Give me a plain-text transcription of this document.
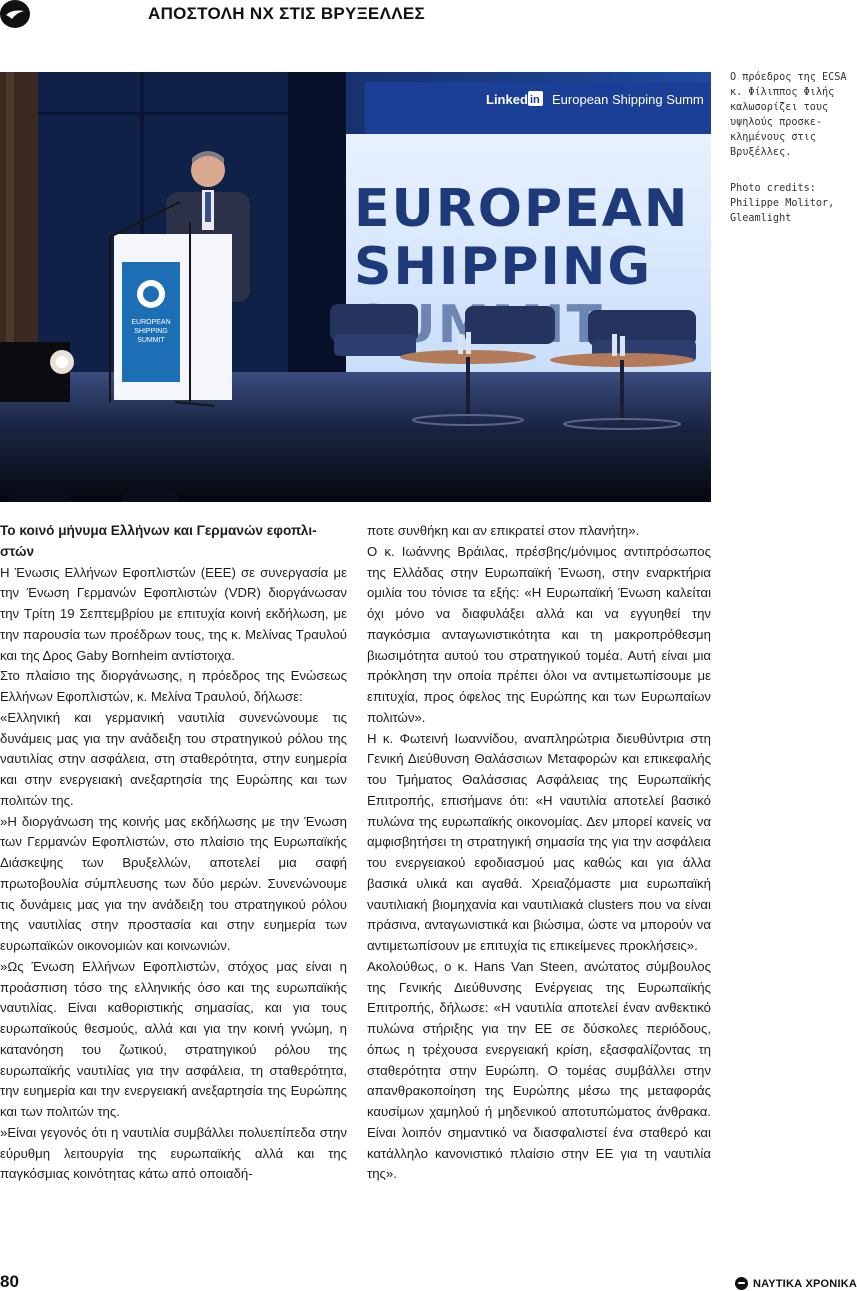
ΑΠΟΣΤΟΛΗ ΝΧ ΣΤΙΣ ΒΡΥΞΕΛΛΕΣ
Linked in European Shipping Summ
EUROPEAN
SHIPPING
EUROPEAN
SHIPPING
SUMMIT

Ο πρόεδρος της ECSA
κ. Φίλιππος Φιλής
καλωσορίζει τους
υψηλούς προσκε-
κλημένους στις
Βρυξέλλες.

Photo credits:
Philippe Molitor,
Gleamlight

Το κοινό μήνυμα Ελλήνων και Γερμανών εφοπλι-στών

Η Ένωσις Ελλήνων Εφοπλιστών (ΕΕΕ) σε συνεργασία με την Ένωση Γερμανών Εφοπλιστών (VDR) διοργάνωσαν την Τρίτη 19 Σεπτεμβρίου με επιτυχία κοινή εκδήλωση, με την παρουσία των προέδρων τους, της κ. Μελίνας Τραυλού και της Δρος Gaby Bornheim αντίστοιχα.

Στο πλαίσιο της διοργάνωσης, η πρόεδρος της Ενώσεως Ελλήνων Εφοπλιστών, κ. Μελίνα Τραυλού, δήλωσε:

«Ελληνική και γερμανική ναυτιλία συνενώνουμε τις δυνάμεις μας για την ανάδειξη του στρατηγικού ρόλου της ναυτιλίας στην ασφάλεια, στη σταθερότητα, στην ευημερία και στην ενεργειακή ανεξαρτησία της Ευρώπης και των πολιτών της.

»Η διοργάνωση της κοινής μας εκδήλωσης με την Ένωση των Γερμανών Εφοπλιστών, στο πλαίσιο της Ευρωπαϊκής Διάσκεψης των Βρυξελλών, αποτελεί μια σαφή πρωτοβουλία σύμπλευσης των δύο μερών. Συνενώνουμε τις δυνάμεις μας για την ανάδειξη του στρατηγικού ρόλου της ναυτιλίας στην προστασία και στην ευημερία των ευρωπαϊκών οικονομιών και κοινωνιών.

»Ως Ένωση Ελλήνων Εφοπλιστών, στόχος μας είναι η προάσπιση τόσο της ελληνικής όσο και της ευρωπαϊκής ναυτιλίας. Είναι καθοριστικής σημασίας, και για τους ευρωπαϊκούς θεσμούς, αλλά και για την κοινή γνώμη, η κατανόηση του ζωτικού, στρατηγικού ρόλου της ευρωπαϊκής ναυτιλίας για την ασφάλεια, τη σταθερότητα, την ευημερία και την ενεργειακή ανεξαρτησία της Ευρώπης και των πολιτών της.

»Είναι γεγονός ότι η ναυτιλία συμβάλλει πολυεπίπεδα στην εύρυθμη λειτουργία της ευρωπαϊκής αλλά και της παγκόσμιας κοινότητας κάτω από οποιαδή-

ποτε συνθήκη και αν επικρατεί στον πλανήτη».

Ο κ. Ιωάννης Βράιλας, πρέσβης/μόνιμος αντιπρόσωπος της Ελλάδας στην Ευρωπαϊκή Ένωση, στην εναρκτήρια ομιλία του τόνισε τα εξής: «Η Ευρωπαϊκή Ένωση καλείται όχι μόνο να διαφυλάξει αλλά και να εγγυηθεί την παγκόσμια ανταγωνιστικότητα και τη μακροπρόθεσμη βιωσιμότητα αυτού του στρατηγικού τομέα. Αυτή είναι μια πρόκληση την οποία πρέπει όλοι να αντιμετωπίσουμε με επιτυχία, προς όφελος της Ευρώπης και των Ευρωπαίων πολιτών».

Η κ. Φωτεινή Ιωαννίδου, αναπληρώτρια διευθύντρια στη Γενική Διεύθυνση Θαλάσσιων Μεταφορών και επικεφαλής του Τμήματος Θαλάσσιας Ασφάλειας της Ευρωπαϊκής Επιτροπής, επισήμανε ότι: «Η ναυτιλία αποτελεί βασικό πυλώνα της ευρωπαϊκής οικονομίας. Δεν μπορεί κανείς να αμφισβητήσει τη στρατηγική σημασία της για την ασφάλεια του ενεργειακού εφοδιασμού μας καθώς και για άλλα βασικά υλικά και αγαθά. Χρειαζόμαστε μια ευρωπαϊκή ναυτιλιακή βιομηχανία και ναυτιλιακά clusters που να είναι πράσινα, ανταγωνιστικά και βιώσιμα, ώστε να μπορούν να αντιμετωπίσουν με επιτυχία τις επικείμενες προκλήσεις».

Ακολούθως, ο κ. Hans Van Steen, ανώτατος σύμβουλος της Γενικής Διεύθυνσης Ενέργειας της Ευρωπαϊκής Επιτροπής, δήλωσε: «Η ναυτιλία αποτελεί έναν ανθεκτικό πυλώνα στήριξης για την ΕΕ σε δύσκολες περιόδους, όπως η τρέχουσα ενεργειακή κρίση, εξασφαλίζοντας τη σταθερότητα στην Ευρώπη. Ο τομέας συμβάλλει στην απανθρακοποίηση της Ευρώπης μέσω της μεταφοράς καυσίμων χαμηλού ή μηδενικού αποτυπώματος άνθρακα. Είναι λοιπόν σημαντικό να διασφαλιστεί ένα σταθερό και κατάλληλο κανονιστικό πλαίσιο στην ΕΕ για τη ναυτιλία της».

80	ΝΑΥΤΙΚΑ ΧΡΟΝΙΚΑ
